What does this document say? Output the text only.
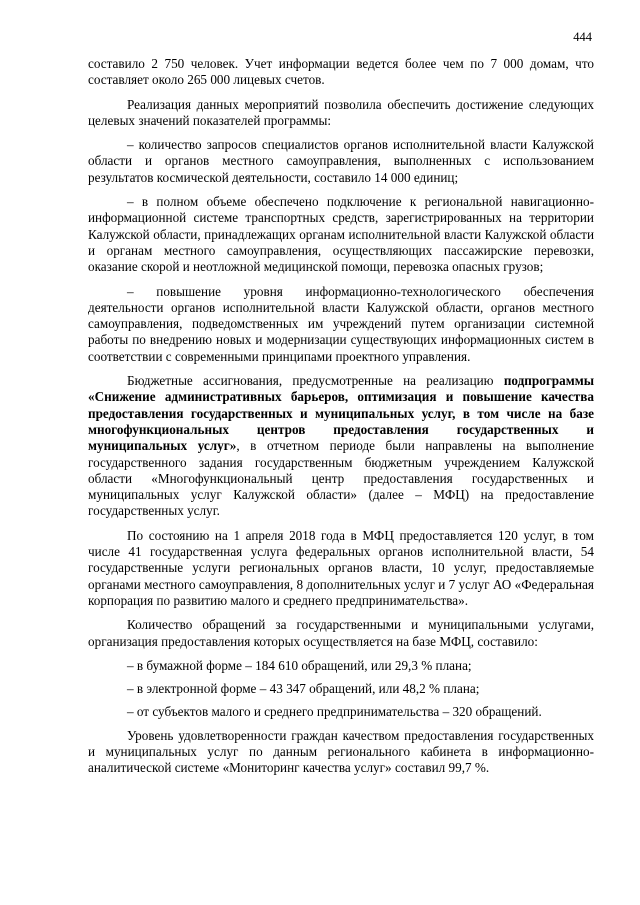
444

составило 2 750 человек. Учет информации ведется более чем по 7 000 домам, что составляет около 265 000 лицевых счетов.

Реализация данных мероприятий позволила обеспечить достижение следующих целевых значений показателей программы:

– количество запросов специалистов органов исполнительной власти Калужской области и органов местного самоуправления, выполненных с использованием результатов космической деятельности, составило 14 000 единиц;

– в полном объеме обеспечено подключение к региональной навигационно-информационной системе транспортных средств, зарегистрированных на территории Калужской области, принадлежащих органам исполнительной власти Калужской области и органам местного самоуправления, осуществляющих пассажирские перевозки, оказание скорой и неотложной медицинской помощи, перевозка опасных грузов;

– повышение уровня информационно-технологического обеспечения деятельности органов исполнительной власти Калужской области, органов местного самоуправления, подведомственных им учреждений путем организации системной работы по внедрению новых и модернизации существующих информационных систем в соответствии с современными принципами проектного управления.

Бюджетные ассигнования, предусмотренные на реализацию подпрограммы «Снижение административных барьеров, оптимизация и повышение качества предоставления государственных и муниципальных услуг, в том числе на базе многофункциональных центров предоставления государственных и муниципальных услуг», в отчетном периоде были направлены на выполнение государственного задания государственным бюджетным учреждением Калужской области «Многофункциональный центр предоставления государственных и муниципальных услуг Калужской области» (далее – МФЦ) на предоставление государственных услуг.

По состоянию на 1 апреля 2018 года в МФЦ предоставляется 120 услуг, в том числе 41 государственная услуга федеральных органов исполнительной власти, 54 государственные услуги региональных органов власти, 10 услуг, предоставляемые органами местного самоуправления, 8 дополнительных услуг и 7 услуг АО «Федеральная корпорация по развитию малого и среднего предпринимательства».

Количество обращений за государственными и муниципальными услугами, организация предоставления которых осуществляется на базе МФЦ, составило:

– в бумажной форме – 184 610 обращений, или 29,3 % плана;

– в электронной форме – 43 347 обращений, или 48,2 % плана;

– от субъектов малого и среднего предпринимательства – 320 обращений.

Уровень удовлетворенности граждан качеством предоставления государственных и муниципальных услуг по данным регионального кабинета в информационно-аналитической системе «Мониторинг качества услуг» составил 99,7 %.
